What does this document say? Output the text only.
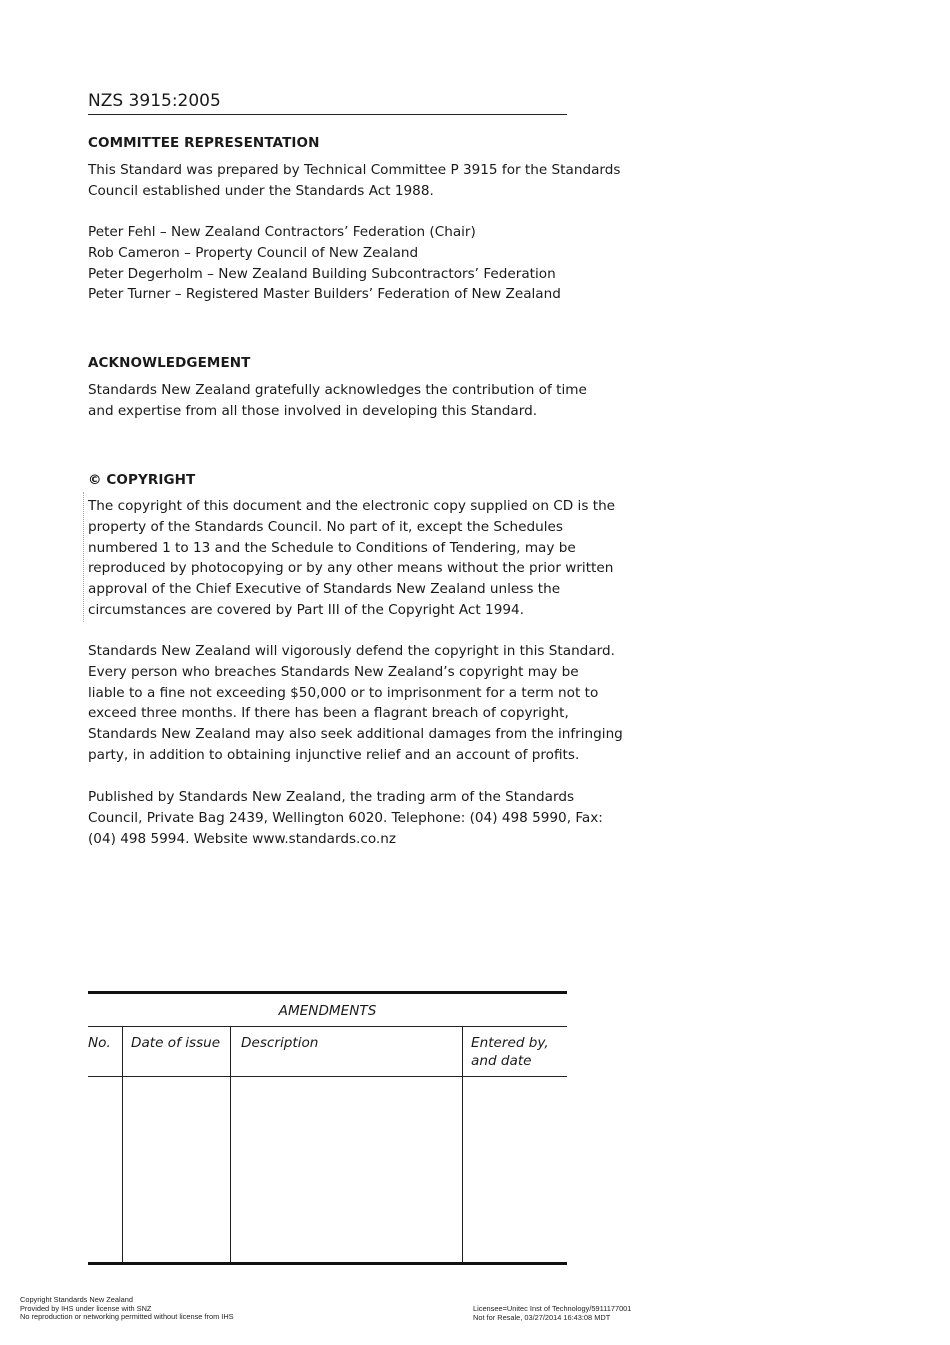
NZS 3915:2005
COMMITTEE REPRESENTATION
This Standard was prepared by Technical Committee P 3915 for the Standards
Council established under the Standards Act 1988.
Peter Fehl – New Zealand Contractors’ Federation (Chair)
Rob Cameron – Property Council of New Zealand
Peter Degerholm – New Zealand Building Subcontractors’ Federation
Peter Turner – Registered Master Builders’ Federation of New Zealand
ACKNOWLEDGEMENT
Standards New Zealand gratefully acknowledges the contribution of time
and expertise from all those involved in developing this Standard.
© COPYRIGHT
The copyright of this document and the electronic copy supplied on CD is the
property of the Standards Council. No part of it, except the Schedules
numbered 1 to 13 and the Schedule to Conditions of Tendering, may be
reproduced by photocopying or by any other means without the prior written
approval of the Chief Executive of Standards New Zealand unless the
circumstances are covered by Part III of the Copyright Act 1994.
Standards New Zealand will vigorously defend the copyright in this Standard.
Every person who breaches Standards New Zealand’s copyright may be
liable to a fine not exceeding $50,000 or to imprisonment for a term not to
exceed three months. If there has been a flagrant breach of copyright,
Standards New Zealand may also seek additional damages from the infringing
party, in addition to obtaining injunctive relief and an account of profits.
Published by Standards New Zealand, the trading arm of the Standards
Council, Private Bag 2439, Wellington 6020. Telephone: (04) 498 5990, Fax:
(04) 498 5994. Website www.standards.co.nz
AMENDMENTS
No.	Date of issue	Description	Entered by,
and date
Copyright Standards New Zealand
Provided by IHS under license with SNZ
No reproduction or networking permitted without license from IHS
Licensee=Unitec Inst of Technology/5911177001
Not for Resale, 03/27/2014 16:43:08 MDT
